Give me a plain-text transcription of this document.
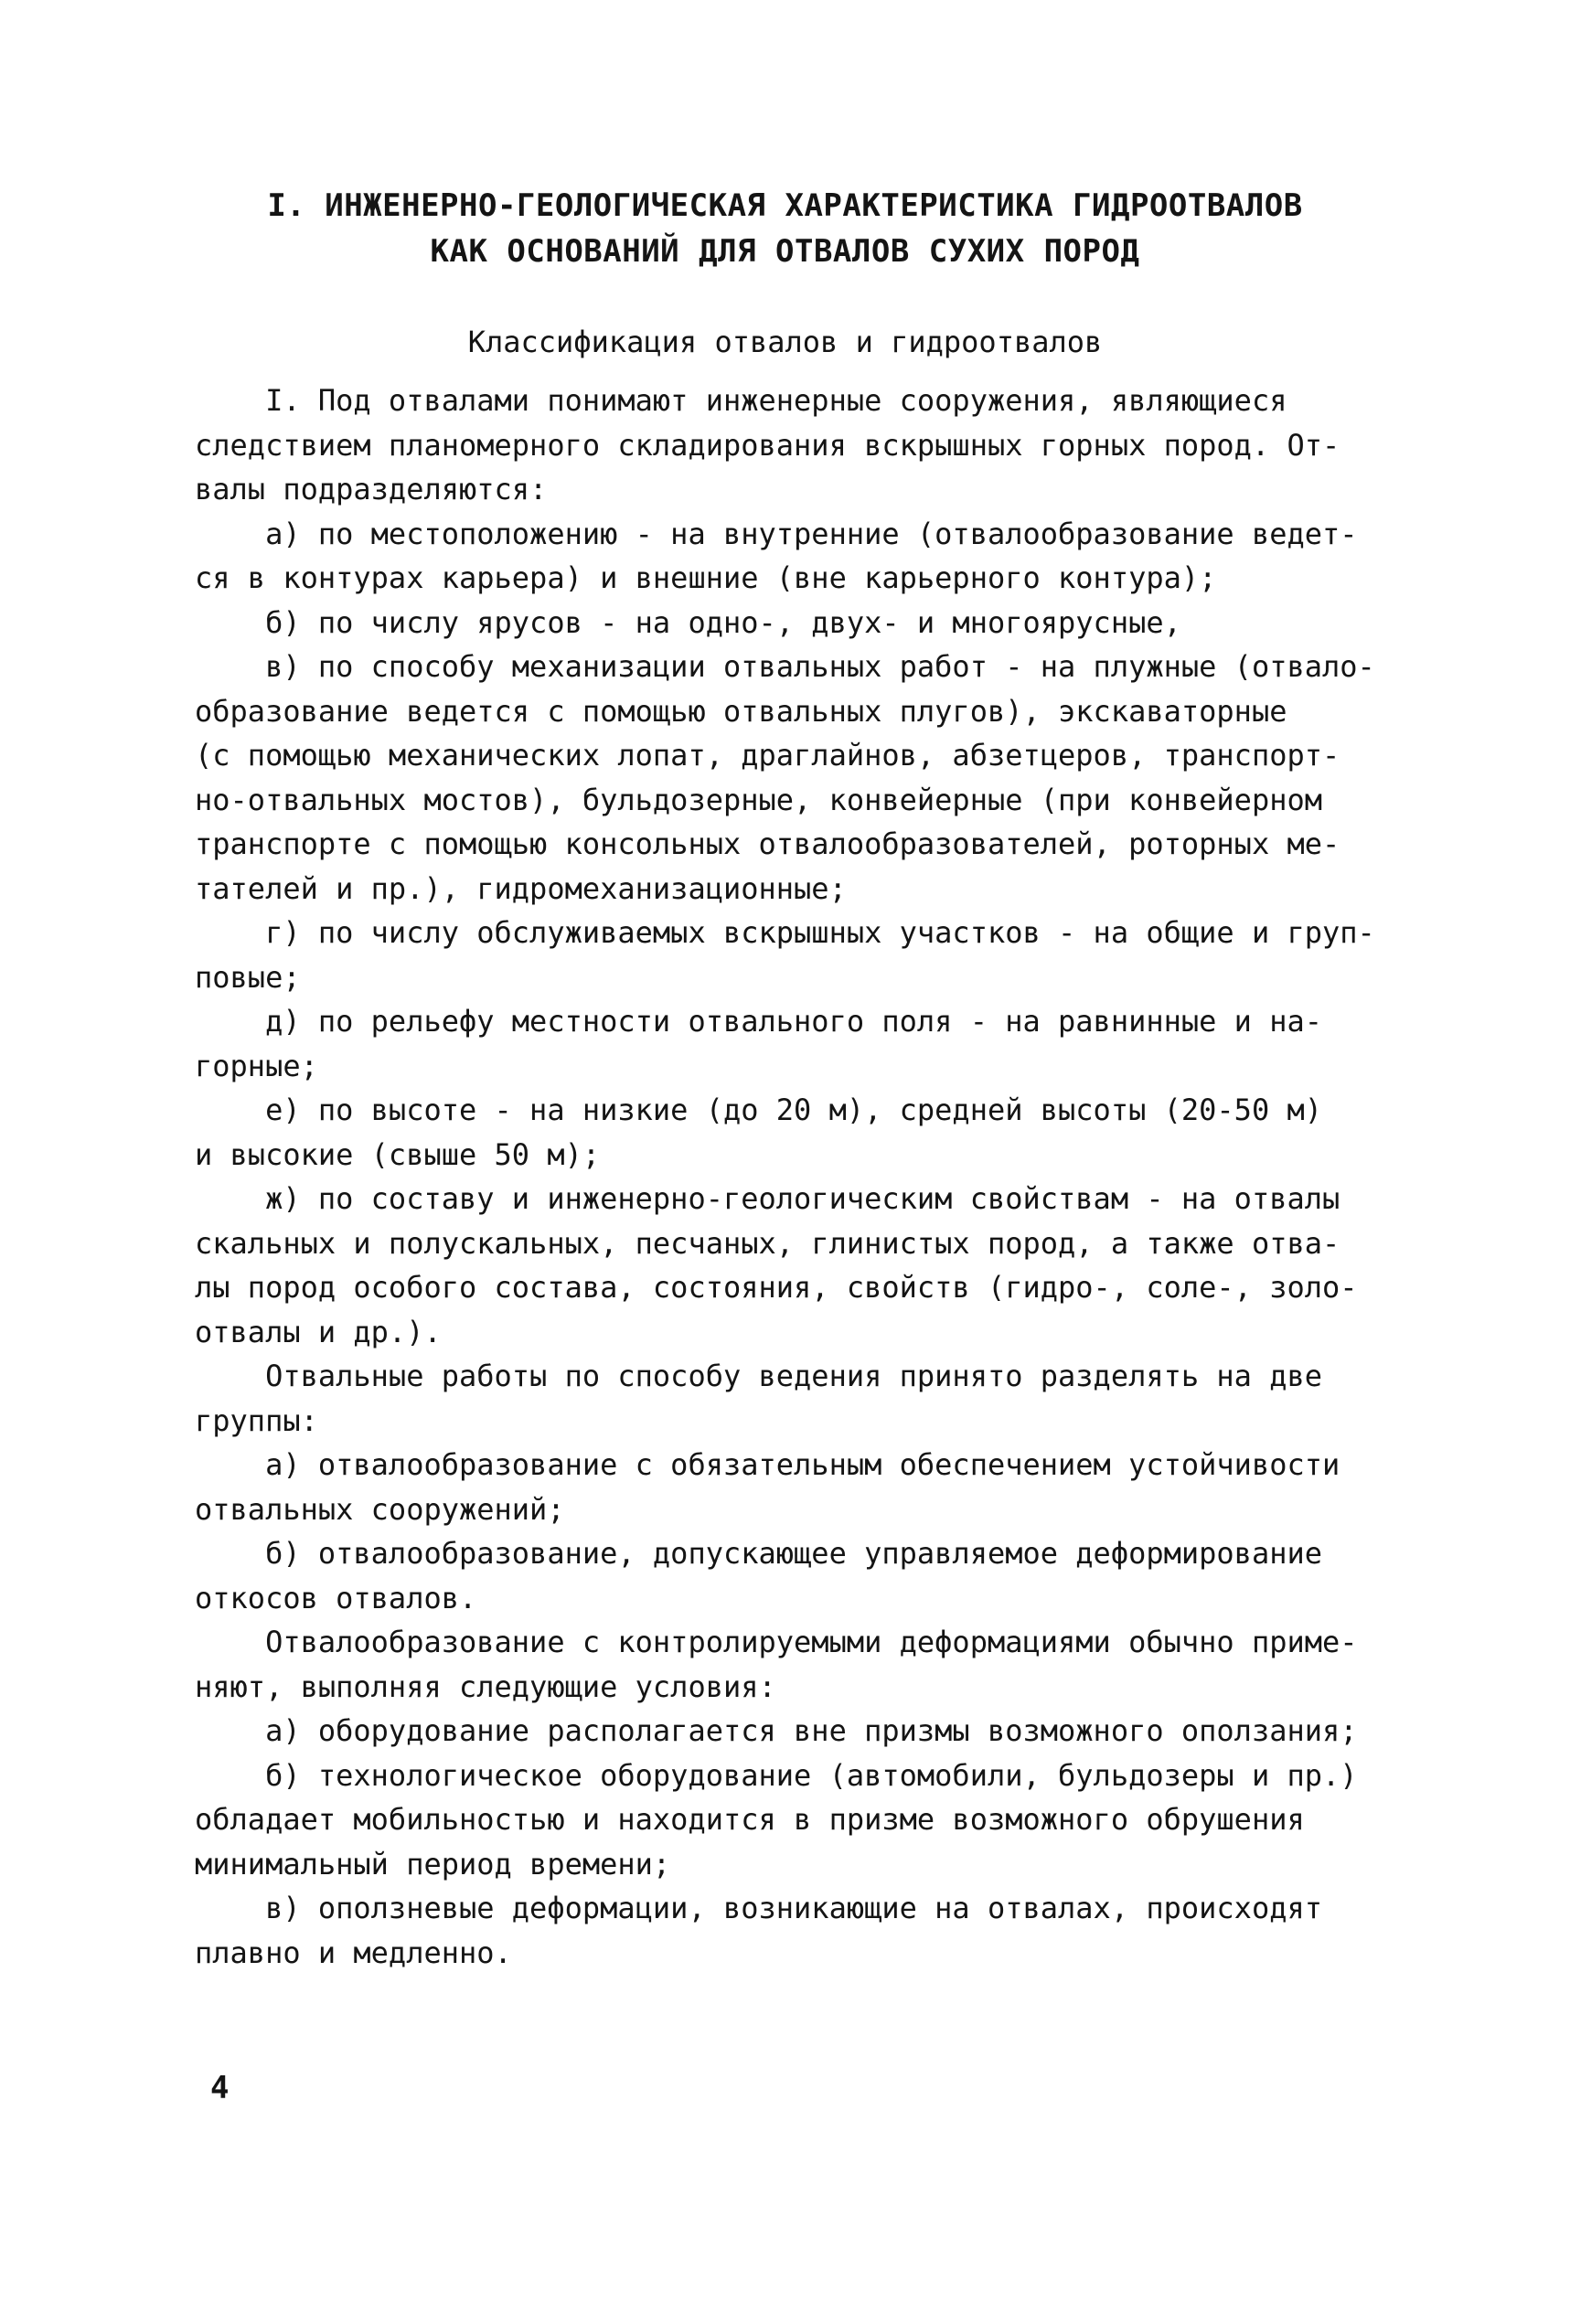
I. ИНЖЕНЕРНО-ГЕОЛОГИЧЕСКАЯ ХАРАКТЕРИСТИКА ГИДРООТВАЛОВ
КАК ОСНОВАНИЙ ДЛЯ ОТВАЛОВ СУХИХ ПОРОД
Классификация отвалов и гидроотвалов
I. Под отвалами понимают инженерные сооружения, являющиеся
следствием планомерного складирования вскрышных горных пород. От-
валы подразделяются:
а) по местоположению - на внутренние (отвалообразование ведет-
ся в контурах карьера) и внешние (вне карьерного контура);
б) по числу ярусов - на одно-, двух- и многоярусные,
в) по способу механизации отвальных работ - на плужные (отвало-
образование ведется с помощью отвальных плугов), экскаваторные
(с помощью механических лопат, драглайнов, абзетцеров, транспорт-
но-отвальных мостов), бульдозерные, конвейерные (при конвейерном
транспорте с помощью консольных отвалообразователей, роторных ме-
тателей и пр.), гидромеханизационные;
г) по числу обслуживаемых вскрышных участков - на общие и груп-
повые;
д) по рельефу местности отвального поля - на равнинные и на-
горные;
е) по высоте - на низкие (до 20 м), средней высоты (20-50 м)
и высокие (свыше 50 м);
ж) по составу и инженерно-геологическим свойствам - на отвалы
скальных и полускальных, песчаных, глинистых пород, а также отва-
лы пород особого состава, состояния, свойств (гидро-, соле-, золо-
отвалы и др.).
Отвальные работы по способу ведения принято разделять на две
группы:
а) отвалообразование с обязательным обеспечением устойчивости
отвальных сооружений;
б) отвалообразование, допускающее управляемое деформирование
откосов отвалов.
Отвалообразование с контролируемыми деформациями обычно приме-
няют, выполняя следующие условия:
а) оборудование располагается вне призмы возможного оползания;
б) технологическое оборудование (автомобили, бульдозеры и пр.)
обладает мобильностью и находится в призме возможного обрушения
минимальный период времени;
в) оползневые деформации, возникающие на отвалах, происходят
плавно и медленно.
4
